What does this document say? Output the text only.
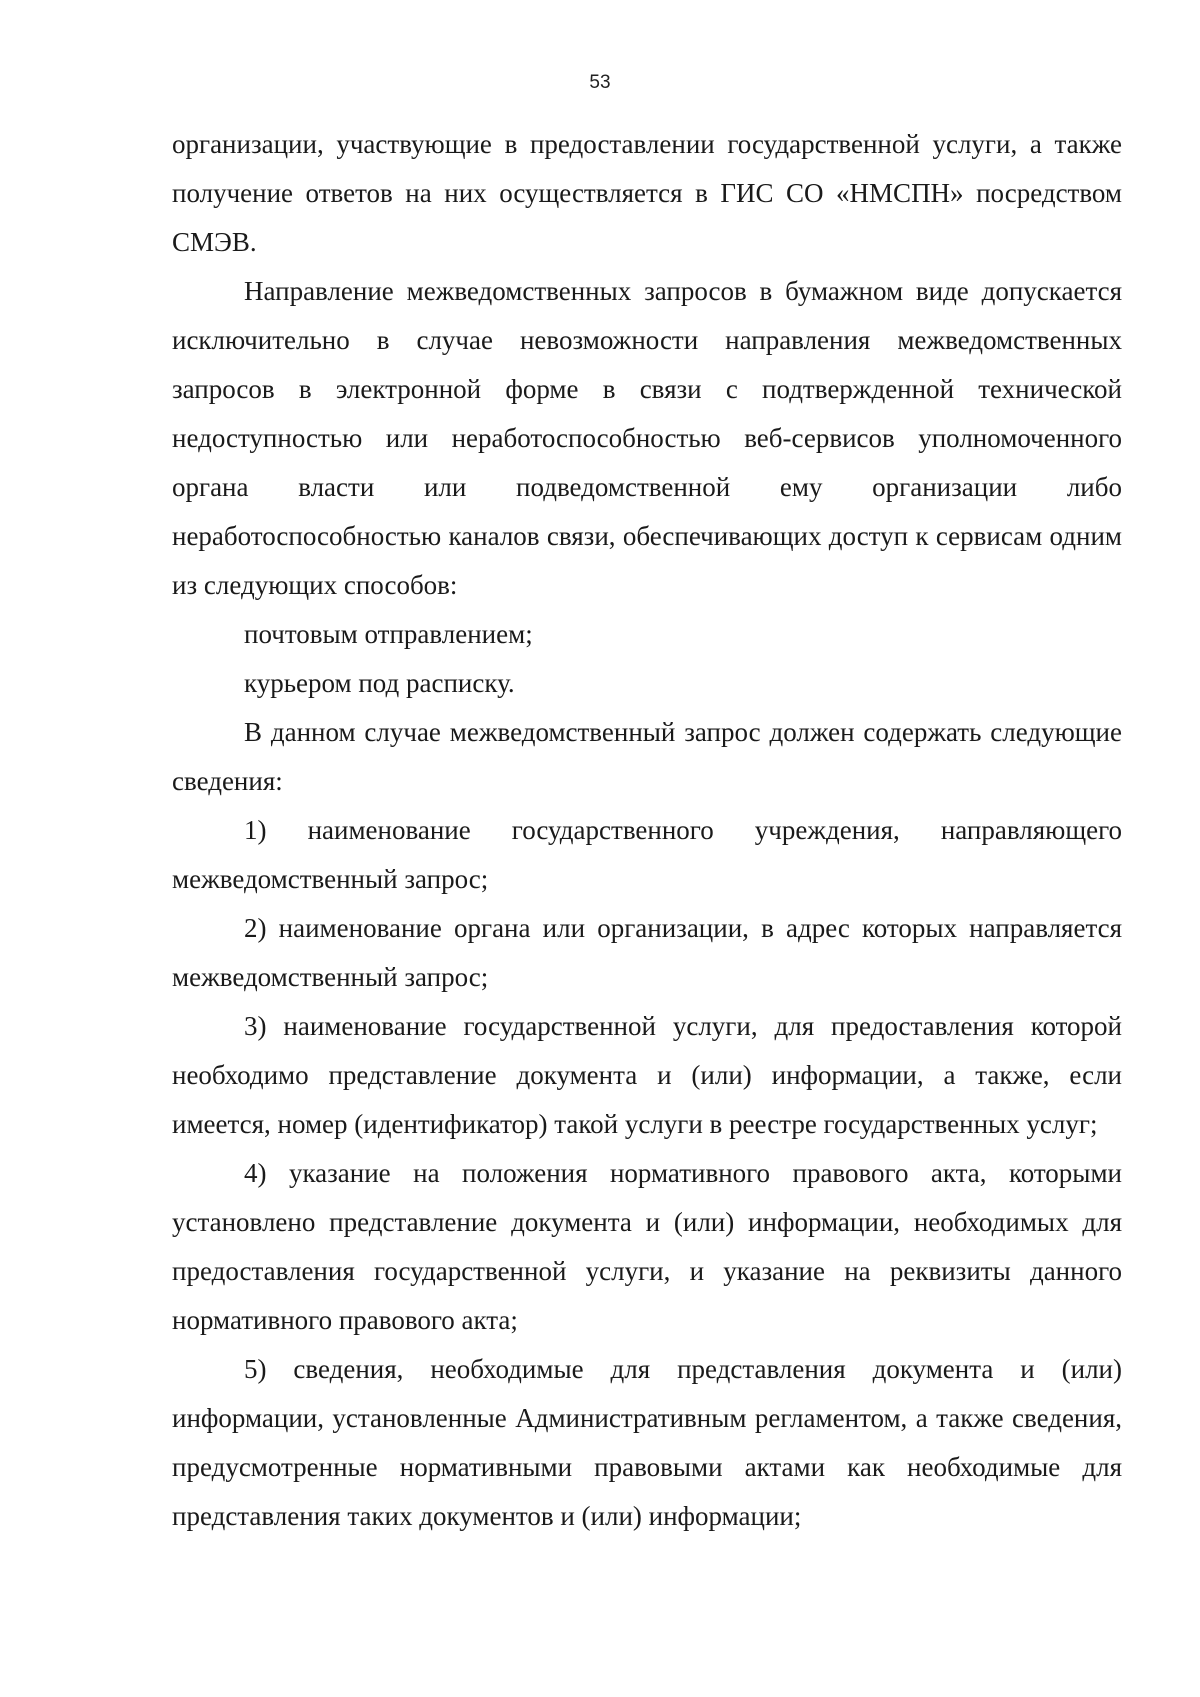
53

организации, участвующие в предоставлении государственной услуги, а также получение ответов на них осуществляется в ГИС СО «НМСПН» посредством СМЭВ.

Направление межведомственных запросов в бумажном виде допускается исключительно в случае невозможности направления межведомственных запросов в электронной форме в связи с подтвержденной технической недоступностью или неработоспособностью веб-сервисов уполномоченного органа власти или подведомственной ему организации либо неработоспособностью каналов связи, обеспечивающих доступ к сервисам одним из следующих способов:

почтовым отправлением;

курьером под расписку.

В данном случае межведомственный запрос должен содержать следующие сведения:

1) наименование государственного учреждения, направляющего межведомственный запрос;

2) наименование органа или организации, в адрес которых направляется межведомственный запрос;

3) наименование государственной услуги, для предоставления которой необходимо представление документа и (или) информации, а также, если имеется, номер (идентификатор) такой услуги в реестре государственных услуг;

4) указание на положения нормативного правового акта, которыми установлено представление документа и (или) информации, необходимых для предоставления государственной услуги, и указание на реквизиты данного нормативного правового акта;

5) сведения, необходимые для представления документа и (или) информации, установленные Административным регламентом, а также сведения, предусмотренные нормативными правовыми актами как необходимые для представления таких документов и (или) информации;
